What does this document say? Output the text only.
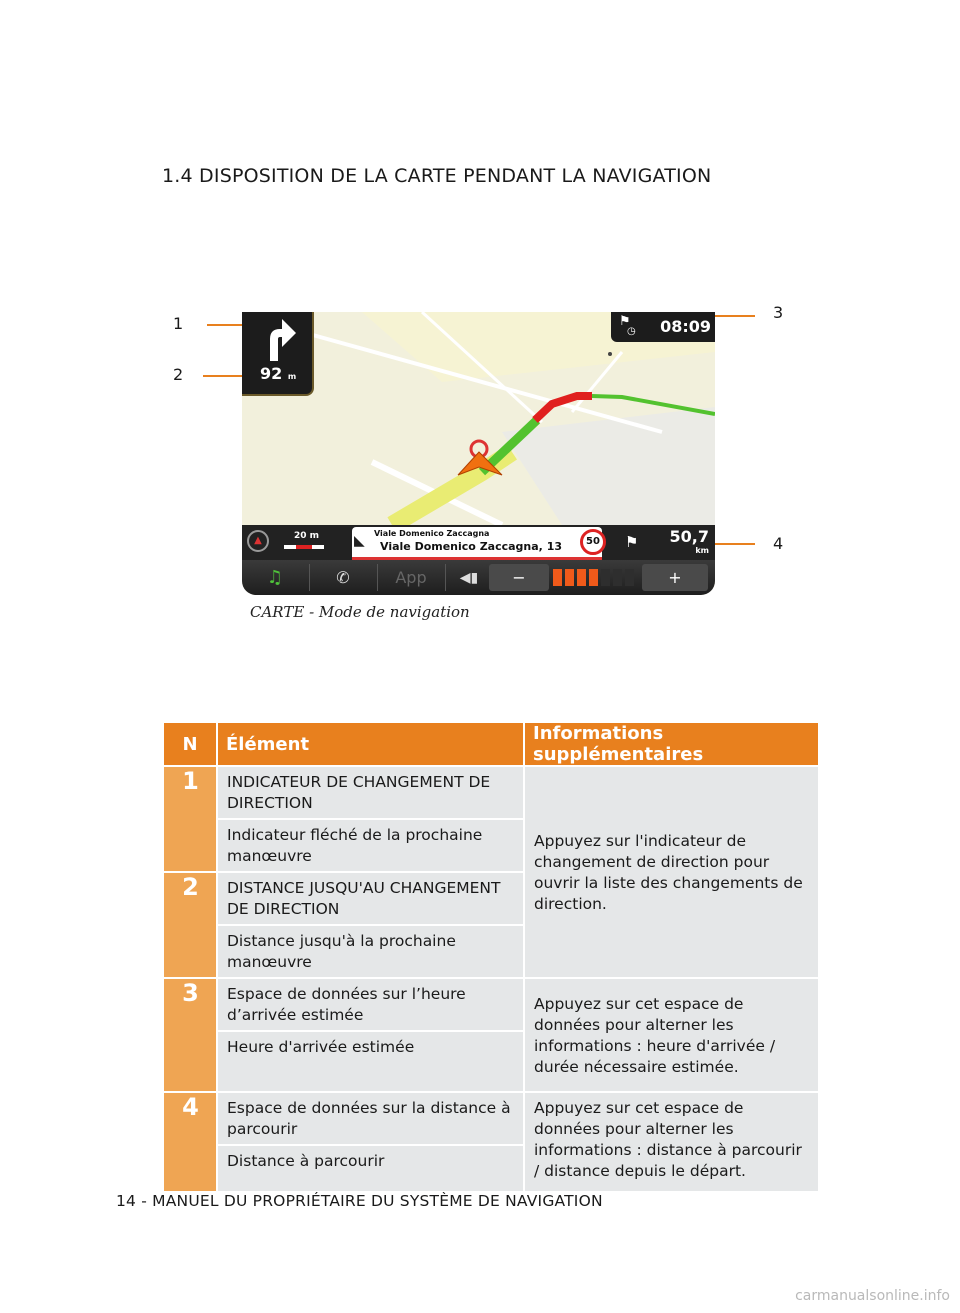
1.4 DISPOSITION DE LA CARTE PENDANT LA NAVIGATION
1
2
3
4
92 m
⚑
◷ 08:09
▲	20 m ◣ Viale Domenico Zaccagna
Viale Domenico Zaccagna, 13	50	⚑ 50,7
km
♫	✆	App ◀▮	−	+
CARTE - Mode de navigation
N	Élément	Informations supplémentaires
1	INDICATEUR DE CHANGEMENT DE DIRECTION	Appuyez sur l'indicateur de changement de direction pour ouvrir la liste des changements de direction.
	Indicateur fléché de la prochaine manœuvre	
2	DISTANCE JUSQU'AU CHANGEMENT DE DIRECTION	
	Distance jusqu'à la prochaine manœuvre	
3	Espace de données sur l’heure d’arrivée estimée	Appuyez sur cet espace de données pour alterner les informations : heure d'arrivée / durée nécessaire estimée.
	Heure d'arrivée estimée	
4	Espace de données sur la distance à parcourir	Appuyez sur cet espace de données pour alterner les informations : distance à parcourir / distance depuis le départ.
	Distance à parcourir	
14 - MANUEL DU PROPRIÉTAIRE DU SYSTÈME DE NAVIGATION
carmanualsonline.info
